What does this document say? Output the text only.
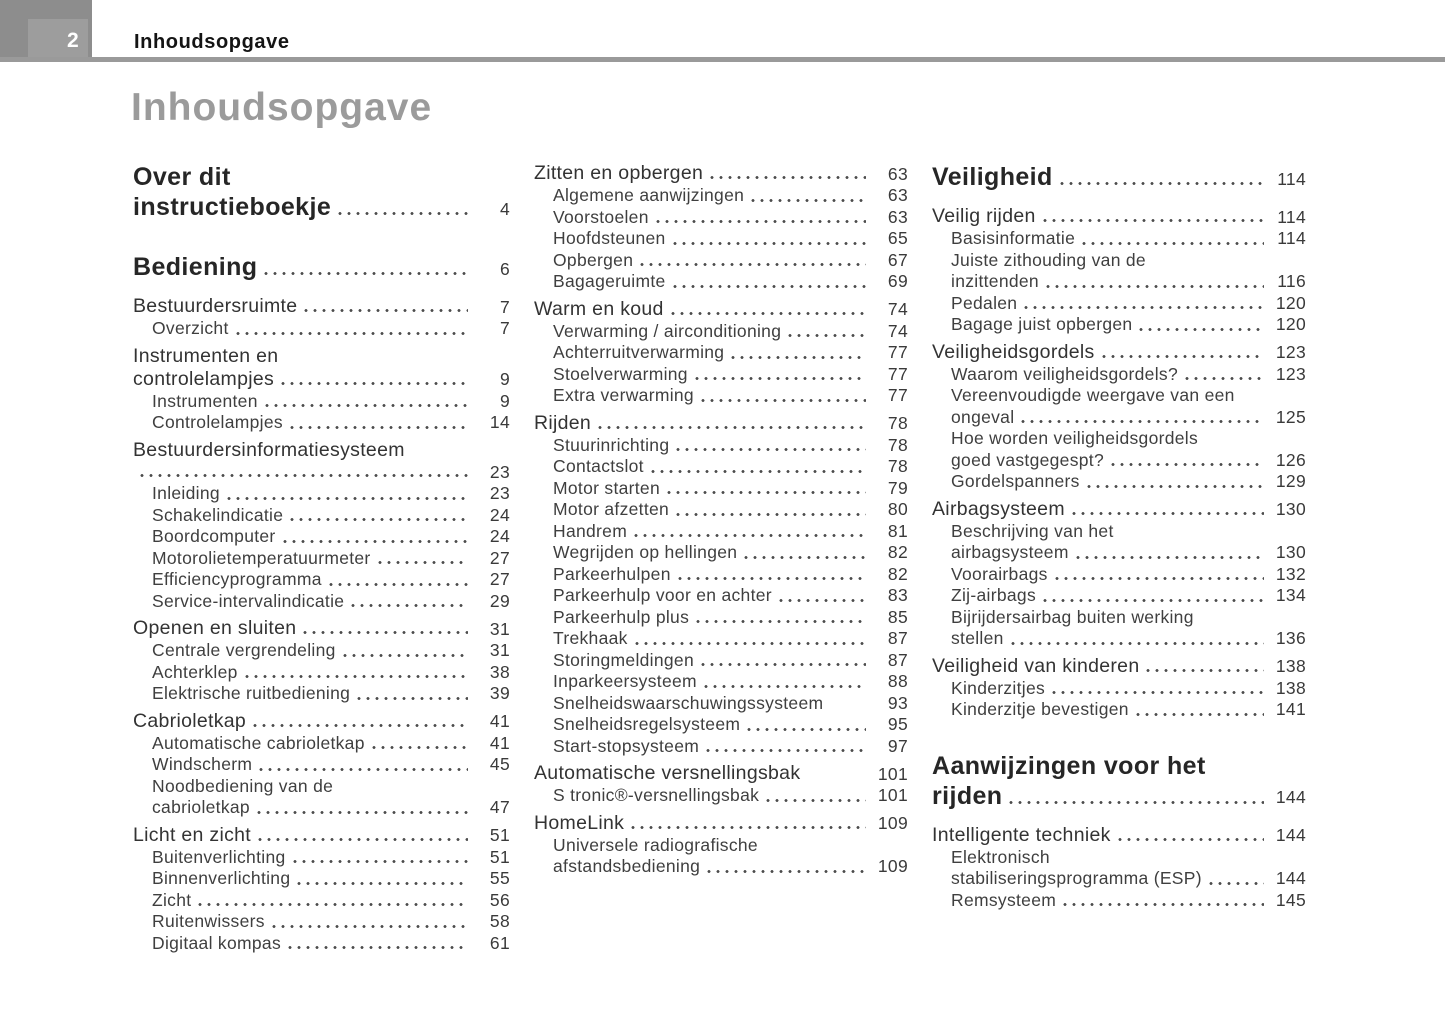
2	Inhoudsopgave
Inhoudsopgave
Over dit
instructieboekje	4
Bediening	6
Bestuurdersruimte	7
Overzicht	7
Instrumenten en
controlelampjes	9
Instrumenten	9
Controlelampjes	14
Bestuurdersinformatiesysteem
23
Inleiding	23
Schakelindicatie	24
Boordcomputer	24
Motorolietemperatuurmeter	27
Efficiencyprogramma	27
Service-intervalindicatie	29
Openen en sluiten	31
Centrale vergrendeling	31
Achterklep	38
Elektrische ruitbediening	39
Cabrioletkap	41
Automatische cabrioletkap	41
Windscherm	45
Noodbediening van de
cabrioletkap	47
Licht en zicht	51
Buitenverlichting	51
Binnenverlichting	55
Zicht	56
Ruitenwissers	58
Digitaal kompas	61
Zitten en opbergen	63
Algemene aanwijzingen	63
Voorstoelen	63
Hoofdsteunen	65
Opbergen	67
Bagageruimte	69
Warm en koud	74
Verwarming / airconditioning	74
Achterruitverwarming	77
Stoelverwarming	77
Extra verwarming	77
Rijden	78
Stuurinrichting	78
Contactslot	78
Motor starten	79
Motor afzetten	80
Handrem	81
Wegrijden op hellingen	82
Parkeerhulpen	82
Parkeerhulp voor en achter	83
Parkeerhulp plus	85
Trekhaak	87
Storingmeldingen	87
Inparkeersysteem	88
Snelheidswaarschuwingssysteem	93
Snelheidsregelsysteem	95
Start-stopsysteem	97
Automatische versnellingsbak	101
S tronic®-versnellingsbak	101
HomeLink	109
Universele radiografische
afstandsbediening	109
Veiligheid	114
Veilig rijden	114
Basisinformatie	114
Juiste zithouding van de
inzittenden	116
Pedalen	120
Bagage juist opbergen	120
Veiligheidsgordels	123
Waarom veiligheidsgordels?	123
Vereenvoudigde weergave van een
ongeval	125
Hoe worden veiligheidsgordels
goed vastgegespt?	126
Gordelspanners	129
Airbagsysteem	130
Beschrijving van het
airbagsysteem	130
Voorairbags	132
Zij-airbags	134
Bijrijdersairbag buiten werking
stellen	136
Veiligheid van kinderen	138
Kinderzitjes	138
Kinderzitje bevestigen	141
Aanwijzingen voor het
rijden	144
Intelligente techniek	144
Elektronisch
stabiliseringsprogramma (ESP)	144
Remsysteem	145
